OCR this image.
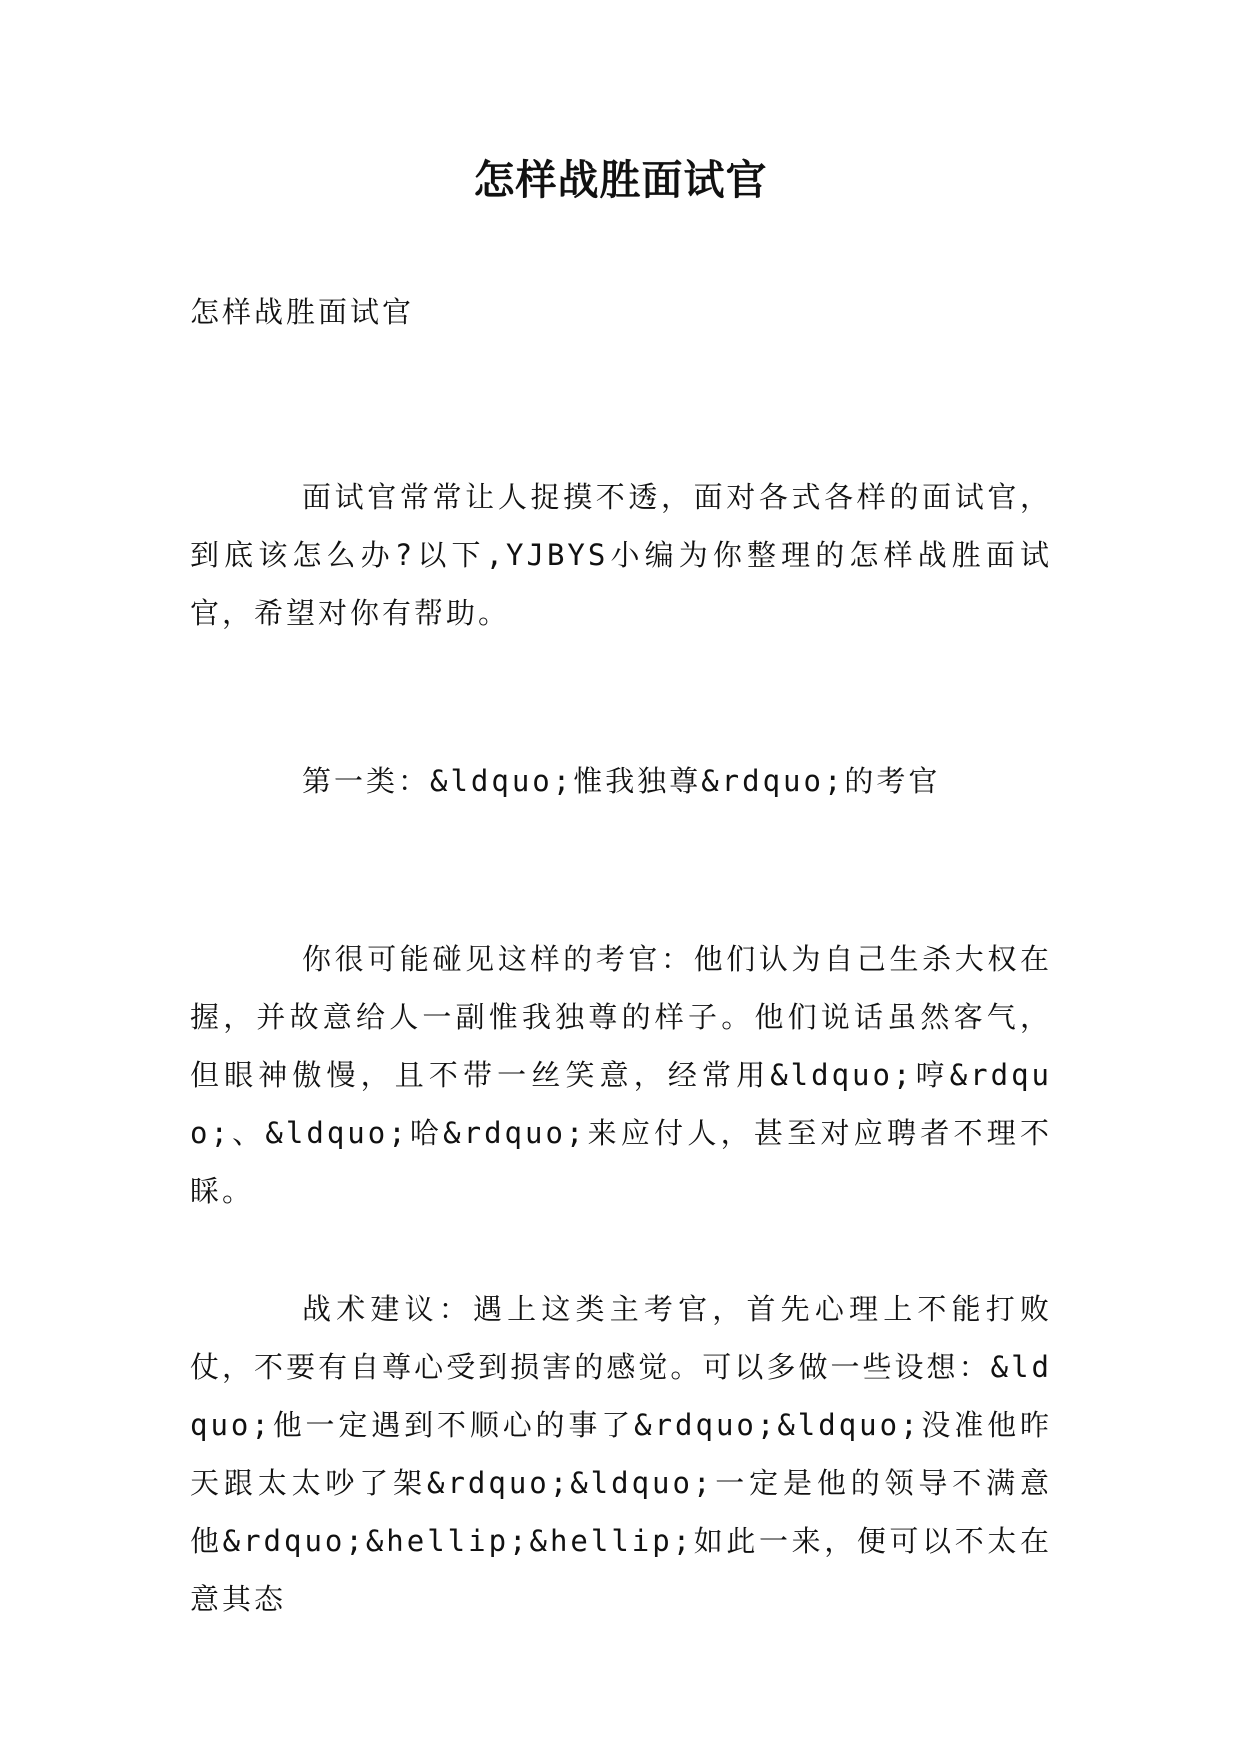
怎样战胜面试官
怎样战胜面试官
面试官常常让人捉摸不透，面对各式各样的面试官，到底该怎么办?以下,YJBYS小编为你整理的怎样战胜面试官，希望对你有帮助。
第一类：&ldquo;惟我独尊&rdquo;的考官
你很可能碰见这样的考官：他们认为自己生杀大权在握，并故意给人一副惟我独尊的样子。他们说话虽然客气，但眼神傲慢，且不带一丝笑意，经常用&ldquo;哼&rdquo;、&ldquo;哈&rdquo;来应付人，甚至对应聘者不理不睬。
战术建议：遇上这类主考官，首先心理上不能打败仗，不要有自尊心受到损害的感觉。可以多做一些设想：&ldquo;他一定遇到不顺心的事了&rdquo;&ldquo;没准他昨天跟太太吵了架&rdquo;&ldquo;一定是他的领导不满意他&rdquo;&hellip;&hellip;如此一来，便可以不太在意其态
